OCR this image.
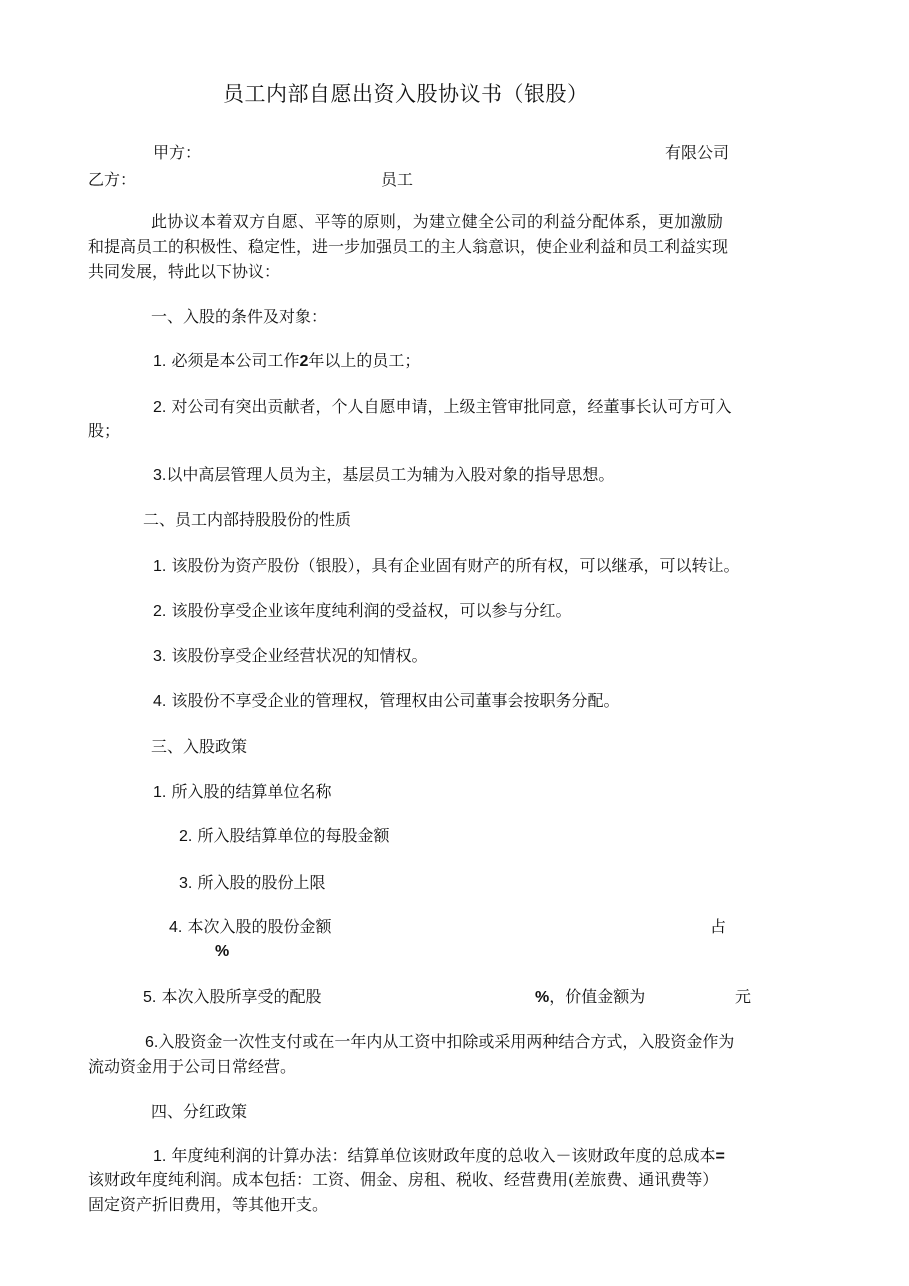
员工内部自愿出资入股协议书（银股）
甲方：	有限公司
乙方：	员工
此协议本着双方自愿、平等的原则，为建立健全公司的利益分配体系，更加激励
和提高员工的积极性、稳定性，进一步加强员工的主人翁意识，使企业利益和员工利益实现
共同发展，特此以下协议：
一、入股的条件及对象：
1. 必须是本公司工作2年以上的员工；
2. 对公司有突出贡献者，个人自愿申请，上级主管审批同意，经董事长认可方可入
股；
3.以中高层管理人员为主，基层员工为辅为入股对象的指导思想。
二、员工内部持股股份的性质
1. 该股份为资产股份（银股），具有企业固有财产的所有权，可以继承，可以转让。
2. 该股份享受企业该年度纯利润的受益权，可以参与分红。
3. 该股份享受企业经营状况的知情权。
4. 该股份不享受企业的管理权，管理权由公司董事会按职务分配。
三、入股政策
1. 所入股的结算单位名称
2. 所入股结算单位的每股金额
3. 所入股的股份上限
4. 本次入股的股份金额	占
%
5. 本次入股所享受的配股	%，价值金额为	元
6.入股资金一次性支付或在一年内从工资中扣除或采用两种结合方式，入股资金作为
流动资金用于公司日常经营。
四、分红政策
1. 年度纯利润的计算办法：结算单位该财政年度的总收入－该财政年度的总成本=
该财政年度纯利润。成本包括：工资、佣金、房租、税收、经营费用(差旅费、通讯费等）
固定资产折旧费用，等其他开支。
